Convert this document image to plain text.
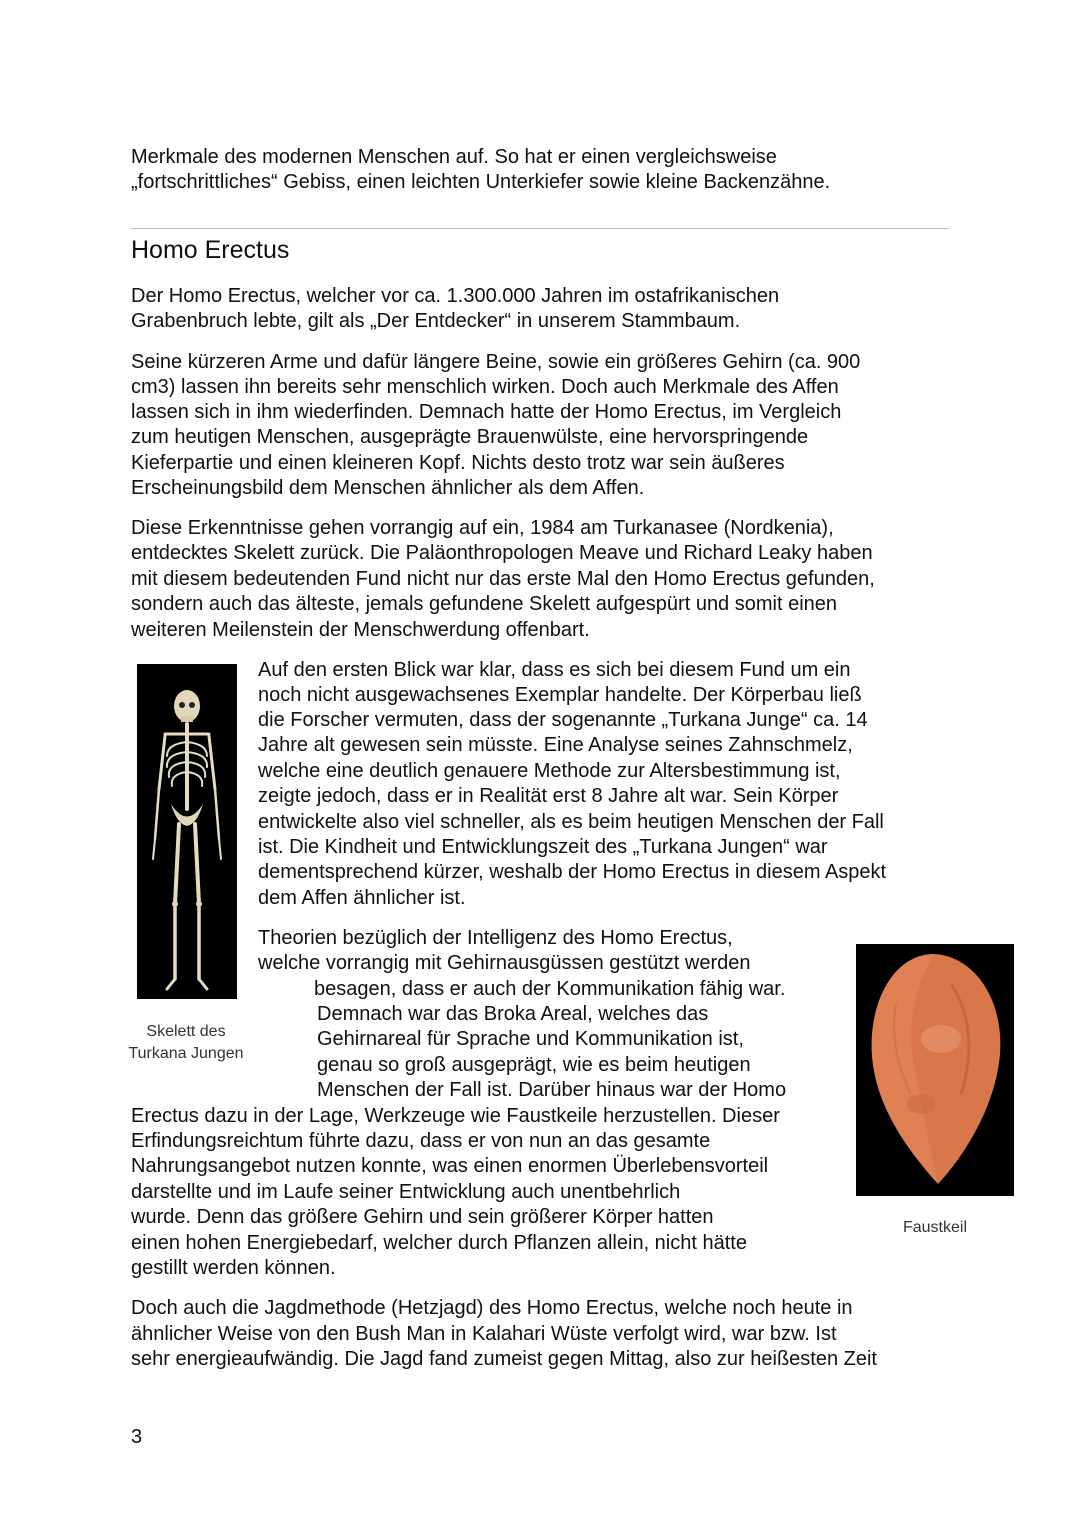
Merkmale des modernen Menschen auf. So hat er einen vergleichsweise
„fortschrittliches“ Gebiss, einen leichten Unterkiefer sowie kleine Backenzähne.
Homo Erectus
Der Homo Erectus, welcher vor ca. 1.300.000 Jahren im ostafrikanischen
Grabenbruch lebte, gilt als „Der Entdecker“ in unserem Stammbaum.
Seine kürzeren Arme und dafür längere Beine, sowie ein größeres Gehirn (ca. 900
cm3) lassen ihn bereits sehr menschlich wirken. Doch auch Merkmale des Affen
lassen sich in ihm wiederfinden. Demnach hatte der Homo Erectus, im Vergleich
zum heutigen Menschen, ausgeprägte Brauenwülste, eine hervorspringende
Kieferpartie und einen kleineren Kopf. Nichts desto trotz war sein äußeres
Erscheinungsbild dem Menschen ähnlicher als dem Affen.
Diese Erkenntnisse gehen vorrangig auf ein, 1984 am Turkanasee (Nordkenia),
entdecktes Skelett zurück. Die Paläonthropologen Meave und Richard Leaky haben
mit diesem bedeutenden Fund nicht nur das erste Mal den Homo Erectus gefunden,
sondern auch das älteste, jemals gefundene Skelett aufgespürt und somit einen
weiteren Meilenstein der Menschwerdung offenbart.
Skelett des
Turkana Jungen
Auf den ersten Blick war klar, dass es sich bei diesem Fund um ein
noch nicht ausgewachsenes Exemplar handelte. Der Körperbau ließ
die Forscher vermuten, dass der sogenannte „Turkana Junge“ ca. 14
Jahre alt gewesen sein müsste. Eine Analyse seines Zahnschmelz,
welche eine deutlich genauere Methode zur Altersbestimmung ist,
zeigte jedoch, dass er in Realität erst 8 Jahre alt war. Sein Körper
entwickelte also viel schneller, als es beim heutigen Menschen der Fall
ist. Die Kindheit und Entwicklungszeit des „Turkana Jungen“ war
dementsprechend kürzer, weshalb der Homo Erectus in diesem Aspekt
dem Affen ähnlicher ist.
Theorien bezüglich der Intelligenz des Homo Erectus,
welche vorrangig mit Gehirnausgüssen gestützt werden
besagen, dass er auch der Kommunikation fähig war.
Demnach war das Broka Areal, welches das
Gehirnareal für Sprache und Kommunikation ist,
genau so groß ausgeprägt, wie es beim heutigen
Menschen der Fall ist. Darüber hinaus war der Homo
Erectus dazu in der Lage, Werkzeuge wie Faustkeile herzustellen. Dieser
Erfindungsreichtum führte dazu, dass er von nun an das gesamte
Nahrungsangebot nutzen konnte, was einen enormen Überlebensvorteil
darstellte und im Laufe seiner Entwicklung auch unentbehrlich
wurde. Denn das größere Gehirn und sein größerer Körper hatten
einen hohen Energiebedarf, welcher durch Pflanzen allein, nicht hätte
gestillt werden können.
Faustkeil
Doch auch die Jagdmethode (Hetzjagd) des Homo Erectus, welche noch heute in
ähnlicher Weise von den Bush Man in Kalahari Wüste verfolgt wird, war bzw. Ist
sehr energieaufwändig. Die Jagd fand zumeist gegen Mittag, also zur heißesten Zeit
3
